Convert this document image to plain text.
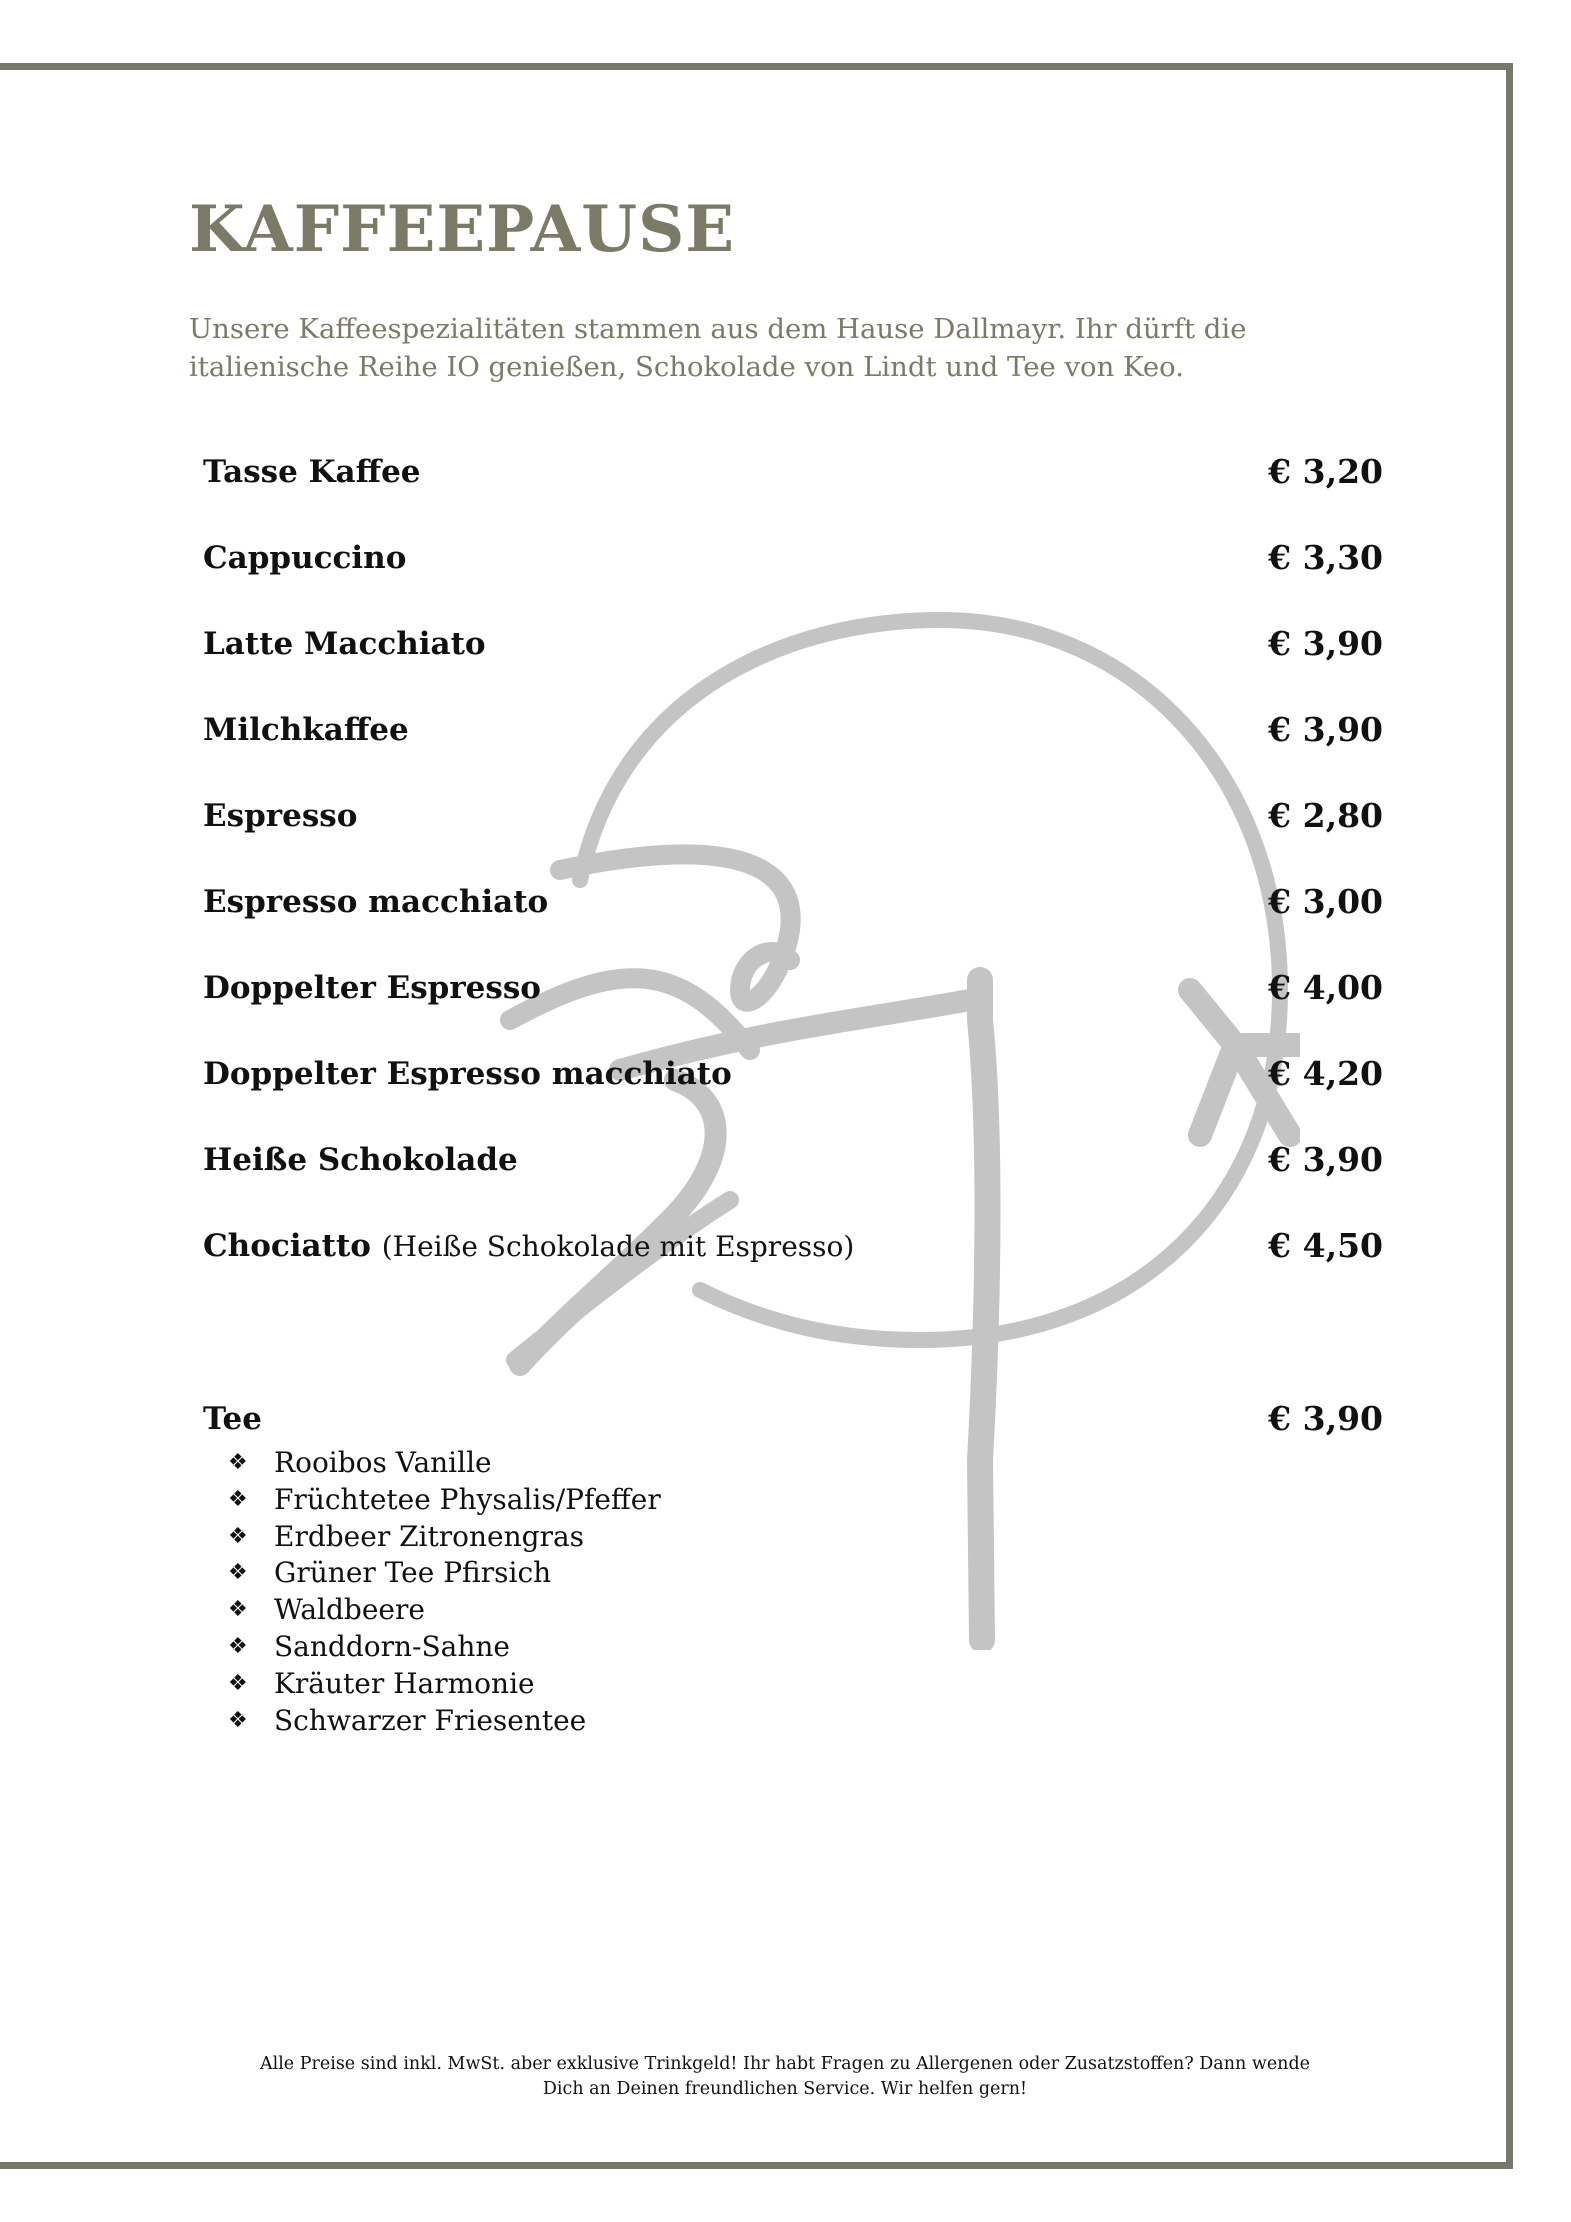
KAFFEEPAUSE

Unsere Kaffeespezialitäten stammen aus dem Hause Dallmayr. Ihr dürft die
italienische Reihe IO genießen, Schokolade von Lindt und Tee von Keo.

Tasse Kaffee	€ 3,20
Cappuccino	€ 3,30
Latte Macchiato	€ 3,90
Milchkaffee	€ 3,90
Espresso	€ 2,80
Espresso macchiato	€ 3,00
Doppelter Espresso	€ 4,00
Doppelter Espresso macchiato	€ 4,20
Heiße Schokolade	€ 3,90
Chociatto (Heiße Schokolade mit Espresso)	€ 4,50
Tee	€ 3,90
❖ Rooibos Vanille
❖ Früchtetee Physalis/Pfeffer
❖ Erdbeer Zitronengras
❖ Grüner Tee Pfirsich
❖ Waldbeere
❖ Sanddorn-Sahne
❖ Kräuter Harmonie
❖ Schwarzer Friesentee

Alle Preise sind inkl. MwSt. aber exklusive Trinkgeld! Ihr habt Fragen zu Allergenen oder Zusatzstoffen? Dann wende
Dich an Deinen freundlichen Service. Wir helfen gern!
